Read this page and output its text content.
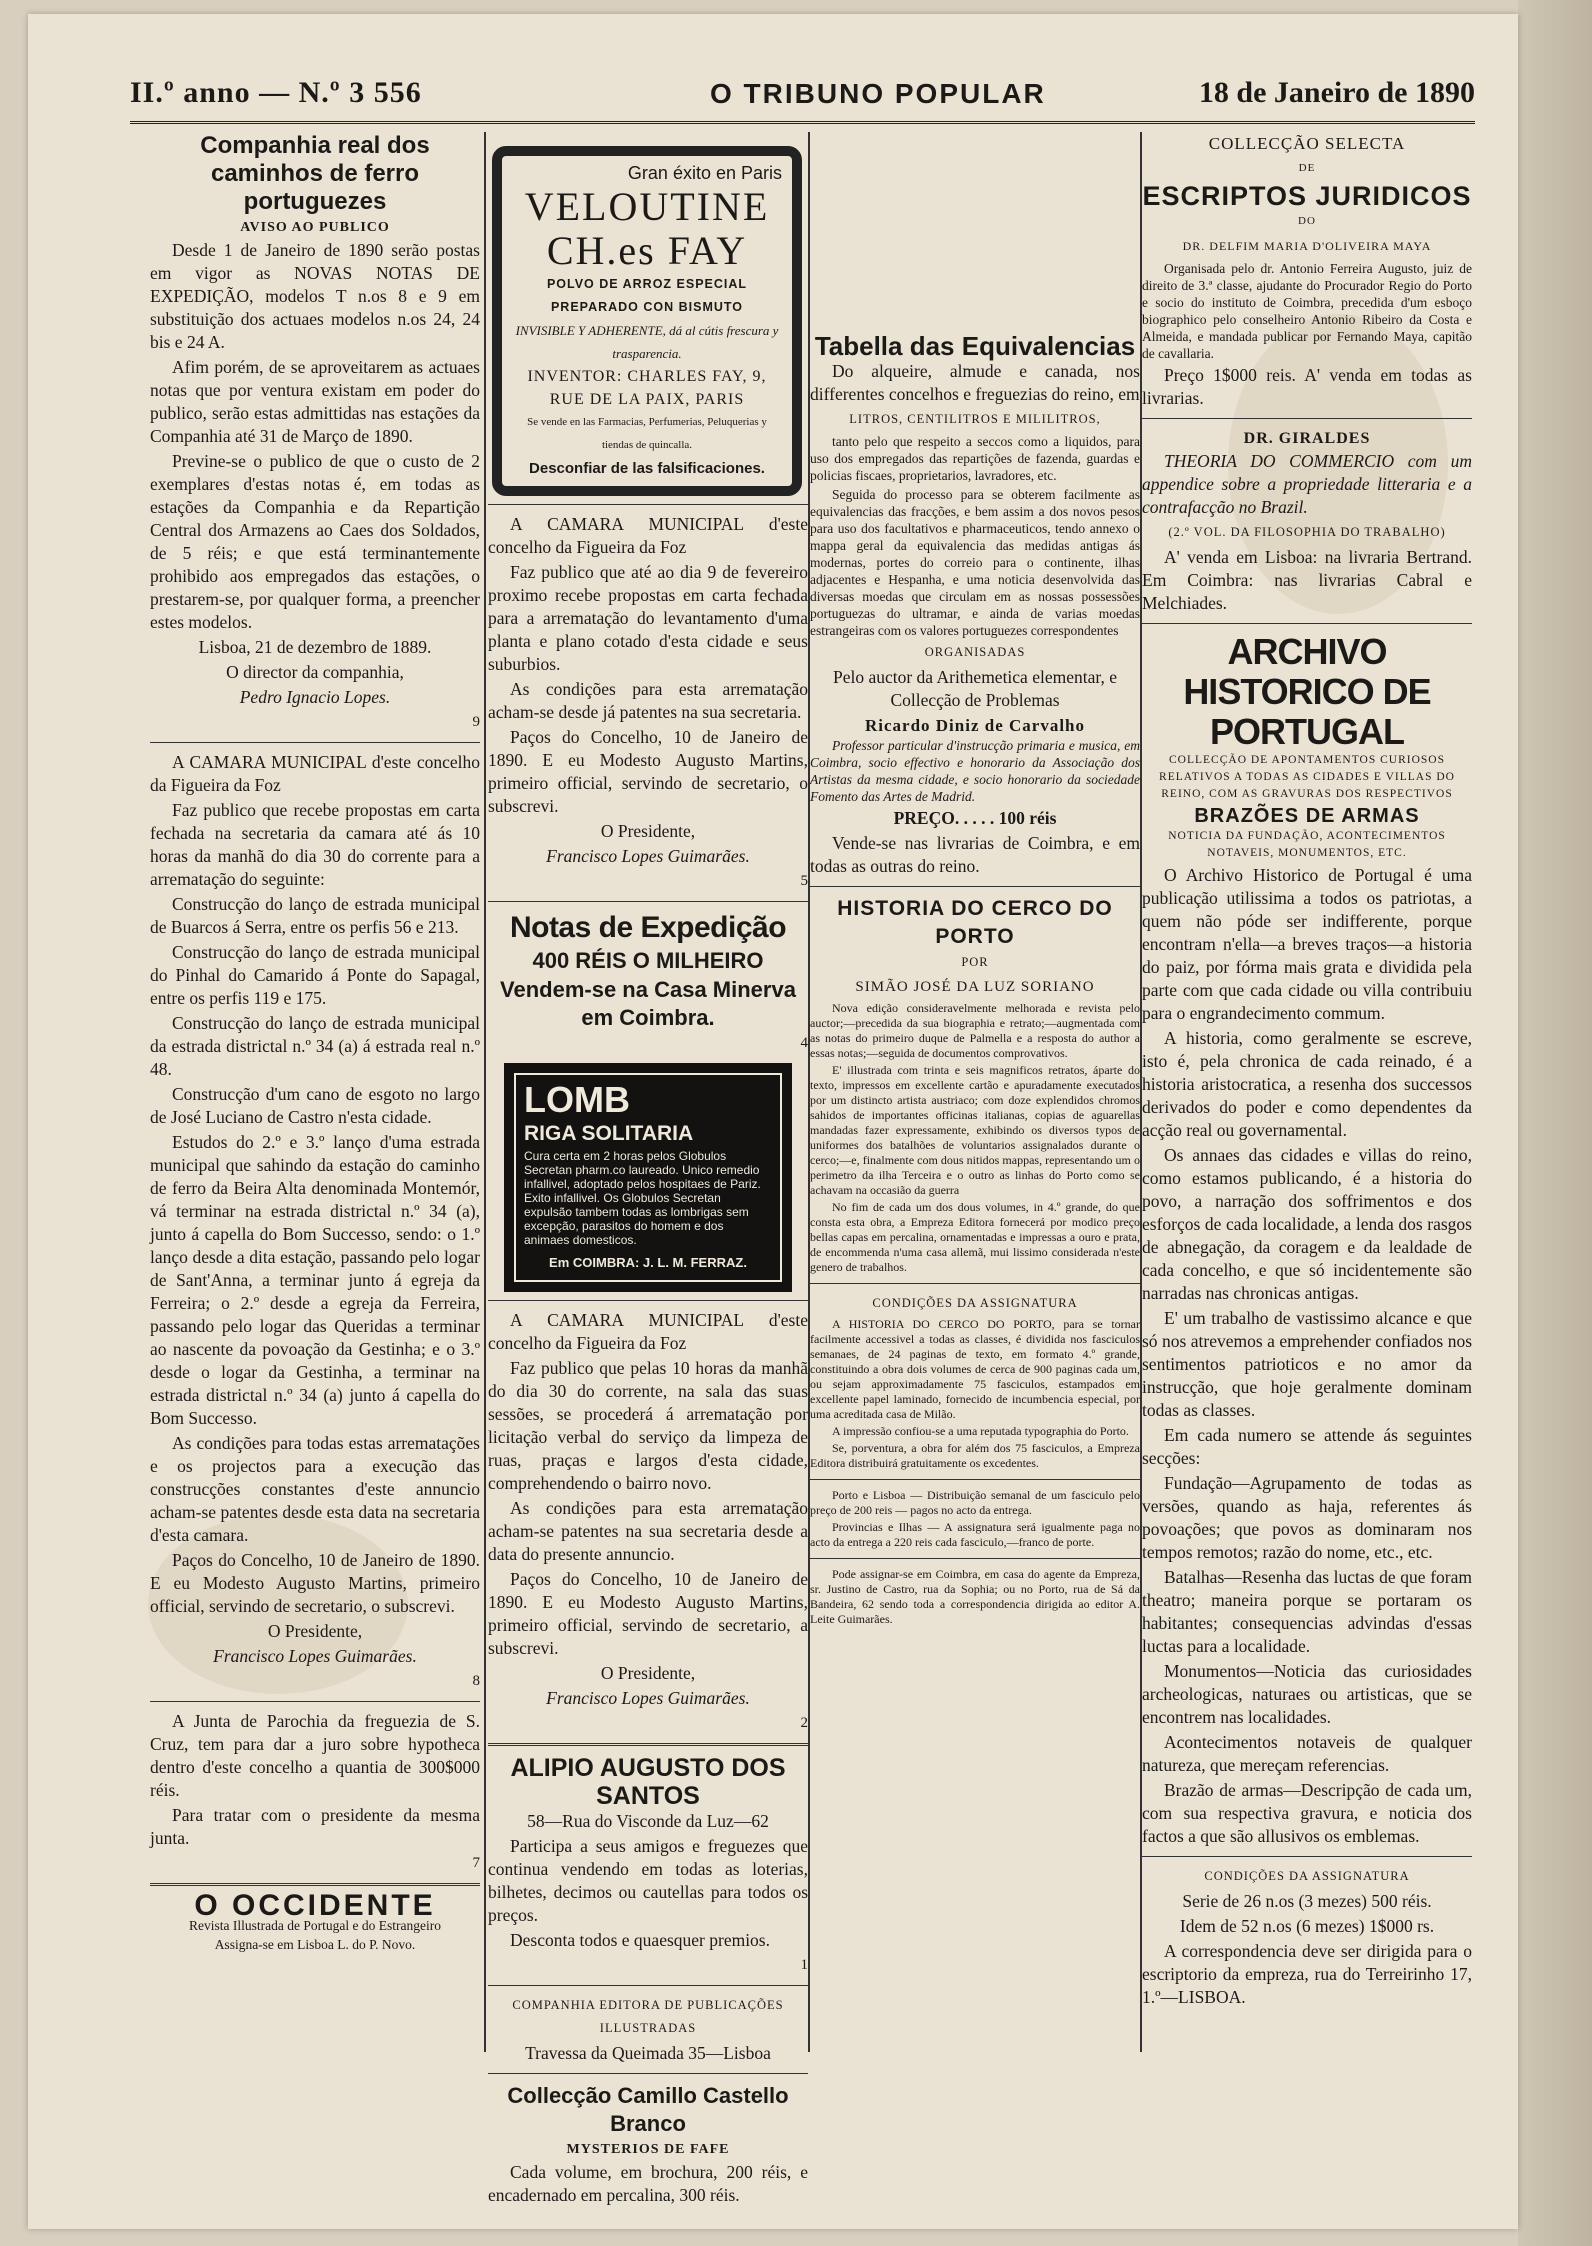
II.º anno — N.º 3 556	O TRIBUNO POPULAR	18 de Janeiro de 1890
Companhia real dos caminhos de ferro portuguezes
AVISO AO PUBLICO

Desde 1 de Janeiro de 1890 serão postas em vigor as NOVAS NOTAS DE EXPEDIÇÃO, modelos T n.os 8 e 9 em substituição dos actuaes modelos n.os 24, 24 bis e 24 A.

Afim porém, de se aproveitarem as actuaes notas que por ventura existam em poder do publico, serão estas admittidas nas estações da Companhia até 31 de Março de 1890.

Previne-se o publico de que o custo de 2 exemplares d'estas notas é, em todas as estações da Companhia e da Repartição Central dos Armazens ao Caes dos Soldados, de 5 réis; e que está terminantemente prohibido aos empregados das estações, o prestarem-se, por qualquer forma, a preencher estes modelos.

Lisboa, 21 de dezembro de 1889.

O director da companhia,

Pedro Ignacio Lopes.

9

A CAMARA MUNICIPAL d'este concelho da Figueira da Foz

Faz publico que recebe propostas em carta fechada na secretaria da camara até ás 10 horas da manhã do dia 30 do corrente para a arrematação do seguinte:

Construcção do lanço de estrada municipal de Buarcos á Serra, entre os perfis 56 e 213.

Construcção do lanço de estrada municipal do Pinhal do Camarido á Ponte do Sapagal, entre os perfis 119 e 175.

Construcção do lanço de estrada municipal da estrada districtal n.º 34 (a) á estrada real n.º 48.

Construcção d'um cano de esgoto no largo de José Luciano de Castro n'esta cidade.

Estudos do 2.º e 3.º lanço d'uma estrada municipal que sahindo da estação do caminho de ferro da Beira Alta denominada Montemór, vá terminar na estrada districtal n.º 34 (a), junto á capella do Bom Successo, sendo: o 1.º lanço desde a dita estação, passando pelo logar de Sant'Anna, a terminar junto á egreja da Ferreira; o 2.º desde a egreja da Ferreira, passando pelo logar das Queridas a terminar ao nascente da povoação da Gestinha; e o 3.º desde o logar da Gestinha, a terminar na estrada districtal n.º 34 (a) junto á capella do Bom Successo.

As condições para todas estas arrematações e os projectos para a execução das construcções constantes d'este annuncio acham-se patentes desde esta data na secretaria d'esta camara.

Paços do Concelho, 10 de Janeiro de 1890. E eu Modesto Augusto Martins, primeiro official, servindo de secretario, o subscrevi.

O Presidente,

Francisco Lopes Guimarães.

8

A Junta de Parochia da freguezia de S. Cruz, tem para dar a juro sobre hypotheca dentro d'este concelho a quantia de 300$000 réis.

Para tratar com o presidente da mesma junta.

7

O OCCIDENTE

Revista Illustrada de Portugal e do Estrangeiro

Assigna-se em Lisboa L. do P. Novo.

Gran éxito en Paris
VELOUTINE CH.es FAY
POLVO DE ARROZ ESPECIAL PREPARADO CON BISMUTO
INVISIBLE Y ADHERENTE, dá al cútis frescura y trasparencia.
INVENTOR: CHARLES FAY, 9, RUE DE LA PAIX, PARIS
Se vende en las Farmacias, Perfumerias, Peluquerias y tiendas de quincalla.
Desconfiar de las falsificaciones.

A CAMARA MUNICIPAL d'este concelho da Figueira da Foz

Faz publico que até ao dia 9 de fevereiro proximo recebe propostas em carta fechada para a arrematação do levantamento d'uma planta e plano cotado d'esta cidade e seus suburbios.

As condições para esta arrematação acham-se desde já patentes na sua secretaria.

Paços do Concelho, 10 de Janeiro de 1890. E eu Modesto Augusto Martins, primeiro official, servindo de secretario, o subscrevi.

O Presidente,

Francisco Lopes Guimarães.

5

Notas de Expedição
400 RÉIS O MILHEIRO
Vendem-se na Casa Minerva em Coimbra.

4

LOMBRIGA SOLITARIA
Cura certa em 2 horas pelos Globulos Secretan pharm.co laureado. Unico remedio infallivel, adoptado pelos hospitaes de Pariz. Exito infallivel. Os Globulos Secretan expulsão tambem todas as lombrigas sem excepção, parasitos do homem e dos animaes domesticos.
Em COIMBRA: J. L. M. FERRAZ.

A CAMARA MUNICIPAL d'este concelho da Figueira da Foz

Faz publico que pelas 10 horas da manhã do dia 30 do corrente, na sala das suas sessões, se procederá á arrematação por licitação verbal do serviço da limpeza de ruas, praças e largos d'esta cidade, comprehendendo o bairro novo.

As condições para esta arrematação acham-se patentes na sua secretaria desde a data do presente annuncio.

Paços do Concelho, 10 de Janeiro de 1890. E eu Modesto Augusto Martins, primeiro official, servindo de secretario, a subscrevi.

O Presidente,

Francisco Lopes Guimarães.

2

ALIPIO AUGUSTO DOS SANTOS

58—Rua do Visconde da Luz—62

Participa a seus amigos e freguezes que continua vendendo em todas as loterias, bilhetes, decimos ou cautellas para todos os preços.

Desconta todos e quaesquer premios.

1

COMPANHIA EDITORA DE PUBLICAÇÕES ILLUSTRADAS

Travessa da Queimada 35—Lisboa

Collecção Camillo Castello Branco
MYSTERIOS DE FAFE

Cada volume, em brochura, 200 réis, e encadernado em percalina, 300 réis.

Tabella das Equivalencias

Do alqueire, almude e canada, nos differentes concelhos e freguezias do reino, em

LITROS, CENTILITROS E MILILITROS,

tanto pelo que respeito a seccos como a liquidos, para uso dos empregados das repartições de fazenda, guardas e policias fiscaes, proprietarios, lavradores, etc.

Seguida do processo para se obterem facilmente as equivalencias das fracções, e bem assim a dos novos pesos para uso dos facultativos e pharmaceuticos, tendo annexo o mappa geral da equivalencia das medidas antigas ás modernas, portes do correio para o continente, ilhas adjacentes e Hespanha, e uma noticia desenvolvida das diversas moedas que circulam em as nossas possessões portuguezas do ultramar, e ainda de varias moedas estrangeiras com os valores portuguezes correspondentes

ORGANISADAS

Pelo auctor da Arithemetica elementar, e Collecção de Problemas

Ricardo Diniz de Carvalho

Professor particular d'instrucção primaria e musica, em Coimbra, socio effectivo e honorario da Associação dos Artistas da mesma cidade, e socio honorario da sociedade Fomento das Artes de Madrid.

PREÇO. . . . . 100 réis

Vende-se nas livrarias de Coimbra, e em todas as outras do reino.

HISTORIA DO CERCO DO PORTO

POR

SIMÃO JOSÉ DA LUZ SORIANO

Nova edição consideravelmente melhorada e revista pelo auctor;—precedida da sua biographia e retrato;—augmentada com as notas do primeiro duque de Palmella e a resposta do author a essas notas;—seguida de documentos comprovativos.

E' illustrada com trinta e seis magnificos retratos, áparte do texto, impressos em excellente cartão e apuradamente executados por um distincto artista austriaco; com doze explendidos chromos sahidos de importantes officinas italianas, copias de aguarellas mandadas fazer expressamente, exhibindo os diversos typos de uniformes dos batalhões de voluntarios assignalados durante o cerco;—e, finalmente com dous nitidos mappas, representando um o perimetro da ilha Terceira e o outro as linhas do Porto como se achavam na occasião da guerra

No fim de cada um dos dous volumes, in 4.º grande, do que consta esta obra, a Empreza Editora fornecerá por modico preço bellas capas em percalina, ornamentadas e impressas a ouro e prata, de encommenda n'uma casa allemã, mui lissimo considerada n'este genero de trabalhos.

CONDIÇÕES DA ASSIGNATURA

A HISTORIA DO CERCO DO PORTO, para se tornar facilmente accessivel a todas as classes, é dividida nos fasciculos semanaes, de 24 paginas de texto, em formato 4.º grande, constituindo a obra dois volumes de cerca de 900 paginas cada um, ou sejam approximadamente 75 fasciculos, estampados em excellente papel laminado, fornecido de incumbencia especial, por uma acreditada casa de Milão.

A impressão confiou-se a uma reputada typographia do Porto.

Se, porventura, a obra for além dos 75 fasciculos, a Empreza Editora distribuirá gratuitamente os excedentes.

Porto e Lisboa — Distribuição semanal de um fasciculo pelo preço de 200 reis — pagos no acto da entrega.

Provincias e Ilhas — A assignatura será igualmente paga no acto da entrega a 220 reis cada fasciculo,—franco de porte.

Pode assignar-se em Coimbra, em casa do agente da Empreza, sr. Justino de Castro, rua da Sophia; ou no Porto, rua de Sá da Bandeira, 62 sendo toda a correspondencia dirigida ao editor A. Leite Guimarães.

COLLECÇÃO SELECTA

DE

ESCRIPTOS JURIDICOS

DO

DR. DELFIM MARIA D'OLIVEIRA MAYA

Organisada pelo dr. Antonio Ferreira Augusto, juiz de direito de 3.ª classe, ajudante do Procurador Regio do Porto e socio do instituto de Coimbra, precedida d'um esboço biographico pelo conselheiro Antonio Ribeiro da Costa e Almeida, e mandada publicar por Fernando Maya, capitão de cavallaria.

Preço 1$000 reis. A' venda em todas as livrarias.

DR. GIRALDES

THEORIA DO COMMERCIO com um appendice sobre a propriedade litteraria e a contrafacção no Brazil.

(2.º VOL. DA FILOSOPHIA DO TRABALHO)

A' venda em Lisboa: na livraria Bertrand. Em Coimbra: nas livrarias Cabral e Melchiades.

ARCHIVO HISTORICO DE PORTUGAL

COLLECÇÃO DE APONTAMENTOS CURIOSOS RELATIVOS A TODAS AS CIDADES E VILLAS DO REINO, COM AS GRAVURAS DOS RESPECTIVOS

BRAZÕES DE ARMAS

NOTICIA DA FUNDAÇÃO, ACONTECIMENTOS NOTAVEIS, MONUMENTOS, ETC.

O Archivo Historico de Portugal é uma publicação utilissima a todos os patriotas, a quem não póde ser indifferente, porque encontram n'ella—a breves traços—a historia do paiz, por fórma mais grata e dividida pela parte com que cada cidade ou villa contribuiu para o engrandecimento commum.

A historia, como geralmente se escreve, isto é, pela chronica de cada reinado, é a historia aristocratica, a resenha dos successos derivados do poder e como dependentes da acção real ou governamental.

Os annaes das cidades e villas do reino, como estamos publicando, é a historia do povo, a narração dos soffrimentos e dos esforços de cada localidade, a lenda dos rasgos de abnegação, da coragem e da lealdade de cada concelho, e que só incidentemente são narradas nas chronicas antigas.

E' um trabalho de vastissimo alcance e que só nos atrevemos a emprehender confiados nos sentimentos patrioticos e no amor da instrucção, que hoje geralmente dominam todas as classes.

Em cada numero se attende ás seguintes secções:

Fundação—Agrupamento de todas as versões, quando as haja, referentes ás povoações; que povos as dominaram nos tempos remotos; razão do nome, etc., etc.

Batalhas—Resenha das luctas de que foram theatro; maneira porque se portaram os habitantes; consequencias advindas d'essas luctas para a localidade.

Monumentos—Noticia das curiosidades archeologicas, naturaes ou artisticas, que se encontrem nas localidades.

Acontecimentos notaveis de qualquer natureza, que mereçam referencias.

Brazão de armas—Descripção de cada um, com sua respectiva gravura, e noticia dos factos a que são allusivos os emblemas.

CONDIÇÕES DA ASSIGNATURA

Serie de 26 n.os (3 mezes) 500 réis.

Idem de 52 n.os (6 mezes) 1$000 rs.

A correspondencia deve ser dirigida para o escriptorio da empreza, rua do Terreirinho 17, 1.º—LISBOA.
